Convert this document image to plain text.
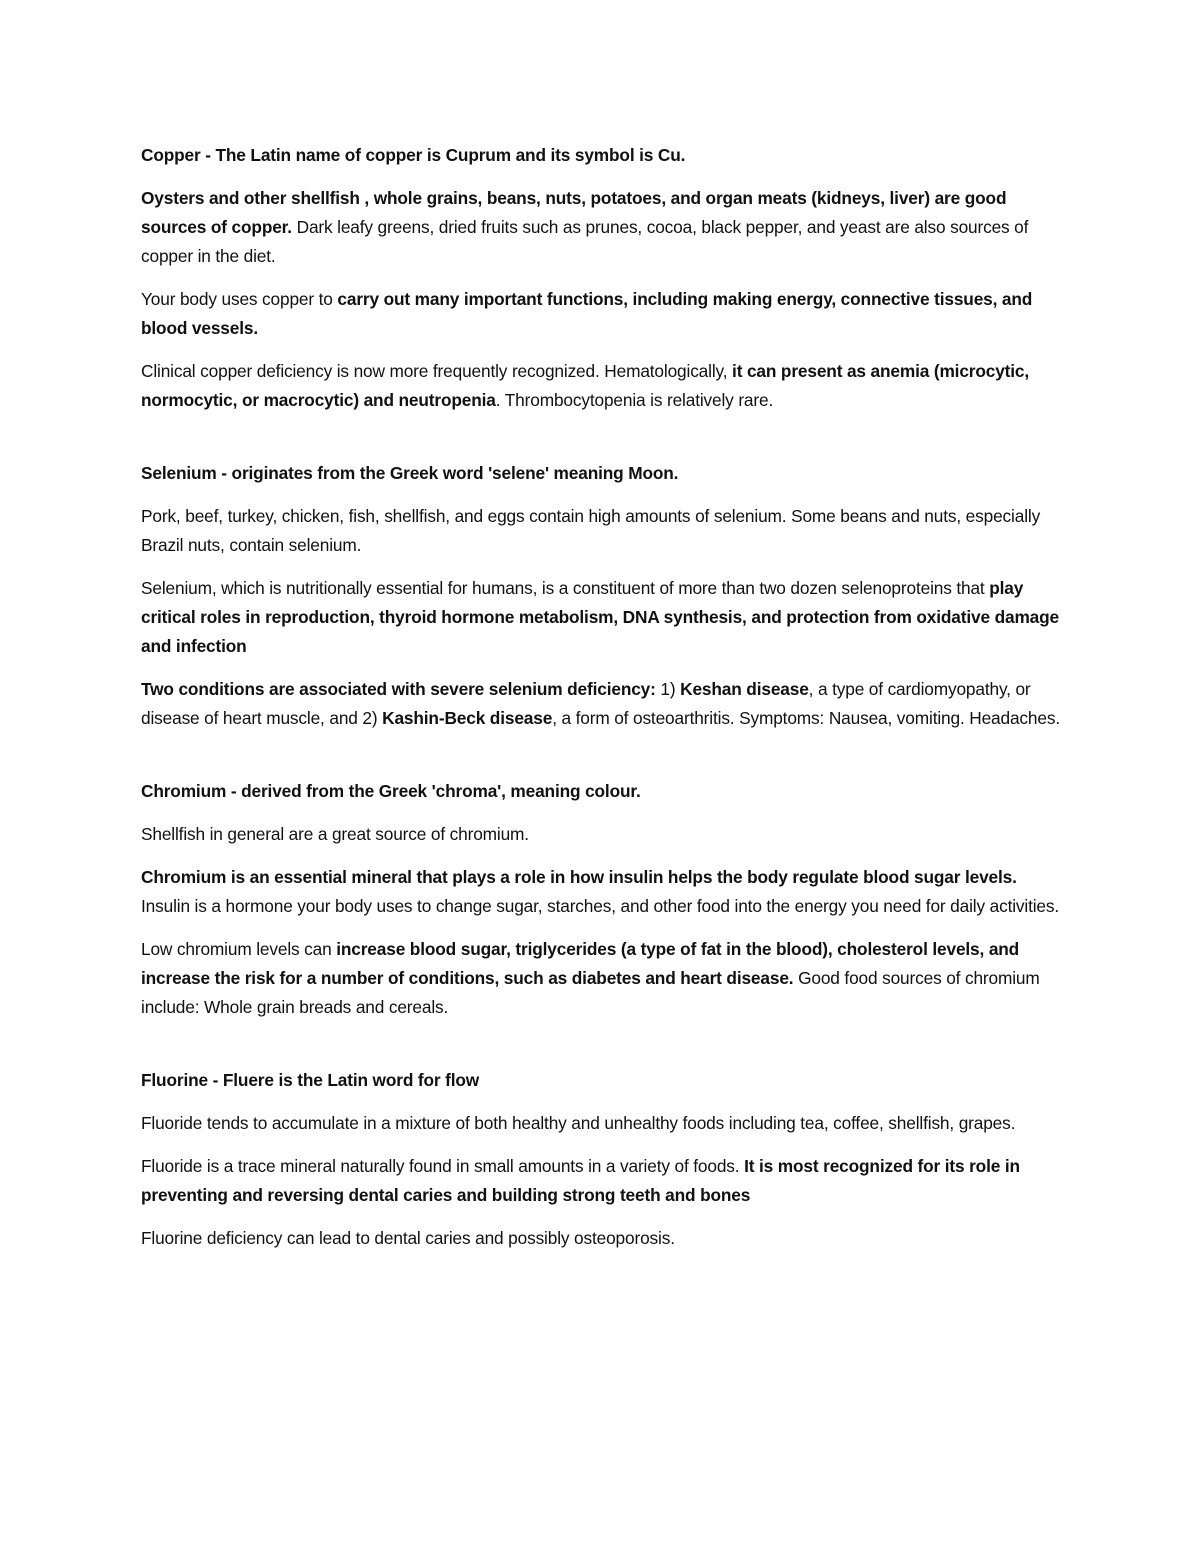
Copper - The Latin name of copper is Cuprum and its symbol is Cu.

Oysters and other shellfish , whole grains, beans, nuts, potatoes, and organ meats (kidneys, liver) are good sources of copper. Dark leafy greens, dried fruits such as prunes, cocoa, black pepper, and yeast are also sources of copper in the diet.

Your body uses copper to carry out many important functions, including making energy, connective tissues, and blood vessels.

Clinical copper deficiency is now more frequently recognized. Hematologically, it can present as anemia (microcytic, normocytic, or macrocytic) and neutropenia. Thrombocytopenia is relatively rare.

Selenium - originates from the Greek word 'selene' meaning Moon.

Pork, beef, turkey, chicken, fish, shellfish, and eggs contain high amounts of selenium. Some beans and nuts, especially Brazil nuts, contain selenium.

Selenium, which is nutritionally essential for humans, is a constituent of more than two dozen selenoproteins that play critical roles in reproduction, thyroid hormone metabolism, DNA synthesis, and protection from oxidative damage and infection

Two conditions are associated with severe selenium deficiency: 1) Keshan disease, a type of cardiomyopathy, or disease of heart muscle, and 2) Kashin-Beck disease, a form of osteoarthritis. Symptoms: Nausea, vomiting. Headaches.

Chromium - derived from the Greek 'chroma', meaning colour.

Shellfish in general are a great source of chromium.

Chromium is an essential mineral that plays a role in how insulin helps the body regulate blood sugar levels. Insulin is a hormone your body uses to change sugar, starches, and other food into the energy you need for daily activities.

Low chromium levels can increase blood sugar, triglycerides (a type of fat in the blood), cholesterol levels, and increase the risk for a number of conditions, such as diabetes and heart disease. Good food sources of chromium include: Whole grain breads and cereals.

Fluorine - Fluere is the Latin word for flow

Fluoride tends to accumulate in a mixture of both healthy and unhealthy foods including tea, coffee, shellfish, grapes.

Fluoride is a trace mineral naturally found in small amounts in a variety of foods. It is most recognized for its role in preventing and reversing dental caries and building strong teeth and bones

Fluorine deficiency can lead to dental caries and possibly osteoporosis.
